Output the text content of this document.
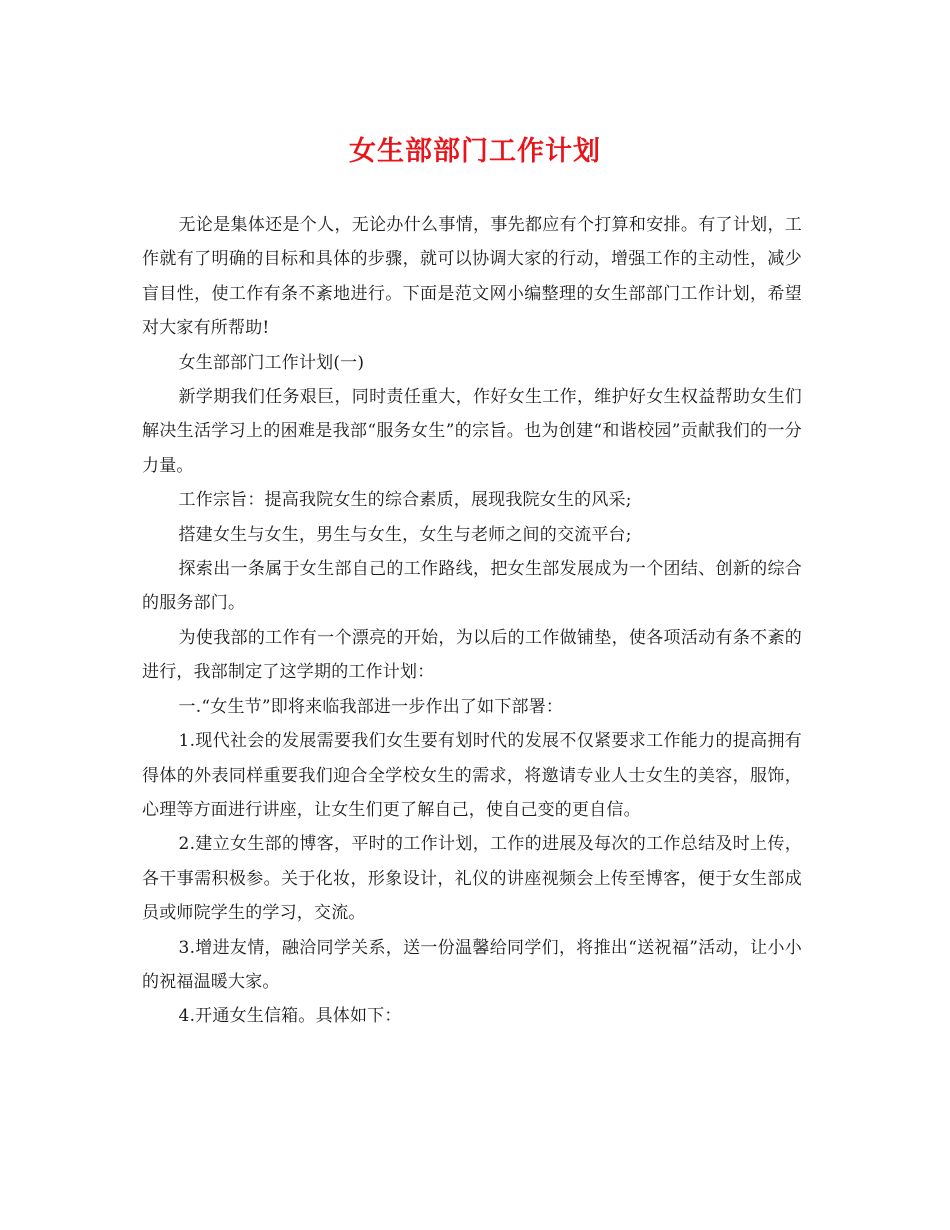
女生部部门工作计划

无论是集体还是个人，无论办什么事情，事先都应有个打算和安排。有了计划，工作就有了明确的目标和具体的步骤，就可以协调大家的行动，增强工作的主动性，减少盲目性，使工作有条不紊地进行。下面是范文网小编整理的女生部部门工作计划，希望对大家有所帮助!

女生部部门工作计划(一)

新学期我们任务艰巨，同时责任重大，作好女生工作，维护好女生权益帮助女生们解决生活学习上的困难是我部“服务女生”的宗旨。也为创建“和谐校园”贡献我们的一分力量。

工作宗旨：提高我院女生的综合素质，展现我院女生的风采;

搭建女生与女生，男生与女生，女生与老师之间的交流平台;

探索出一条属于女生部自己的工作路线，把女生部发展成为一个团结、创新的综合的服务部门。

为使我部的工作有一个漂亮的开始，为以后的工作做铺垫，使各项活动有条不紊的进行，我部制定了这学期的工作计划：

一.“女生节”即将来临我部进一步作出了如下部署：

1.现代社会的发展需要我们女生要有划时代的发展不仅紧要求工作能力的提高拥有得体的外表同样重要我们迎合全学校女生的需求，将邀请专业人士女生的美容，服饰，心理等方面进行讲座，让女生们更了解自己，使自己变的更自信。

2.建立女生部的博客，平时的工作计划，工作的进展及每次的工作总结及时上传，各干事需积极参。关于化妆，形象设计，礼仪的讲座视频会上传至博客，便于女生部成员或师院学生的学习，交流。

3.增进友情，融洽同学关系，送一份温馨给同学们，将推出“送祝福”活动，让小小的祝福温暖大家。

4.开通女生信箱。具体如下：
